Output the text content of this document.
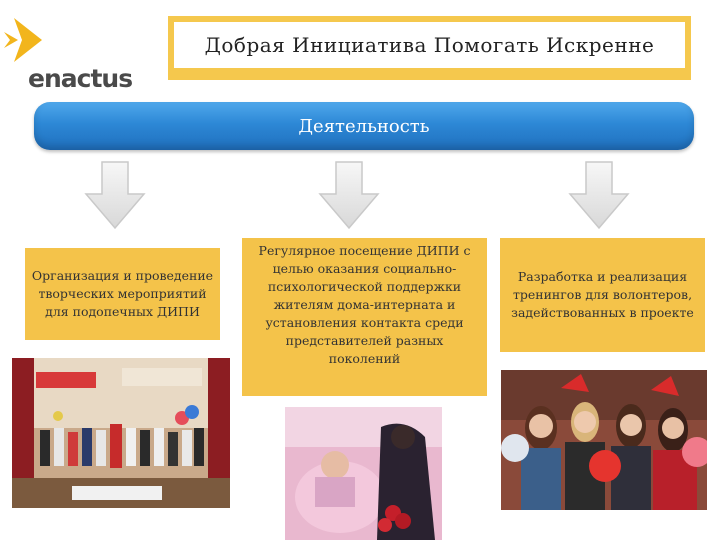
enactus
Добрая Инициатива Помогать Искренне
Деятельность
Организация и проведение творческих мероприятий для подопечных ДИПИ
Регулярное посещение ДИПИ с целью оказания социально-психологической поддержки жителям дома-интерната и установления контакта среди представителей разных поколений
Разработка и реализация тренингов для волонтеров, задействованных в проекте
